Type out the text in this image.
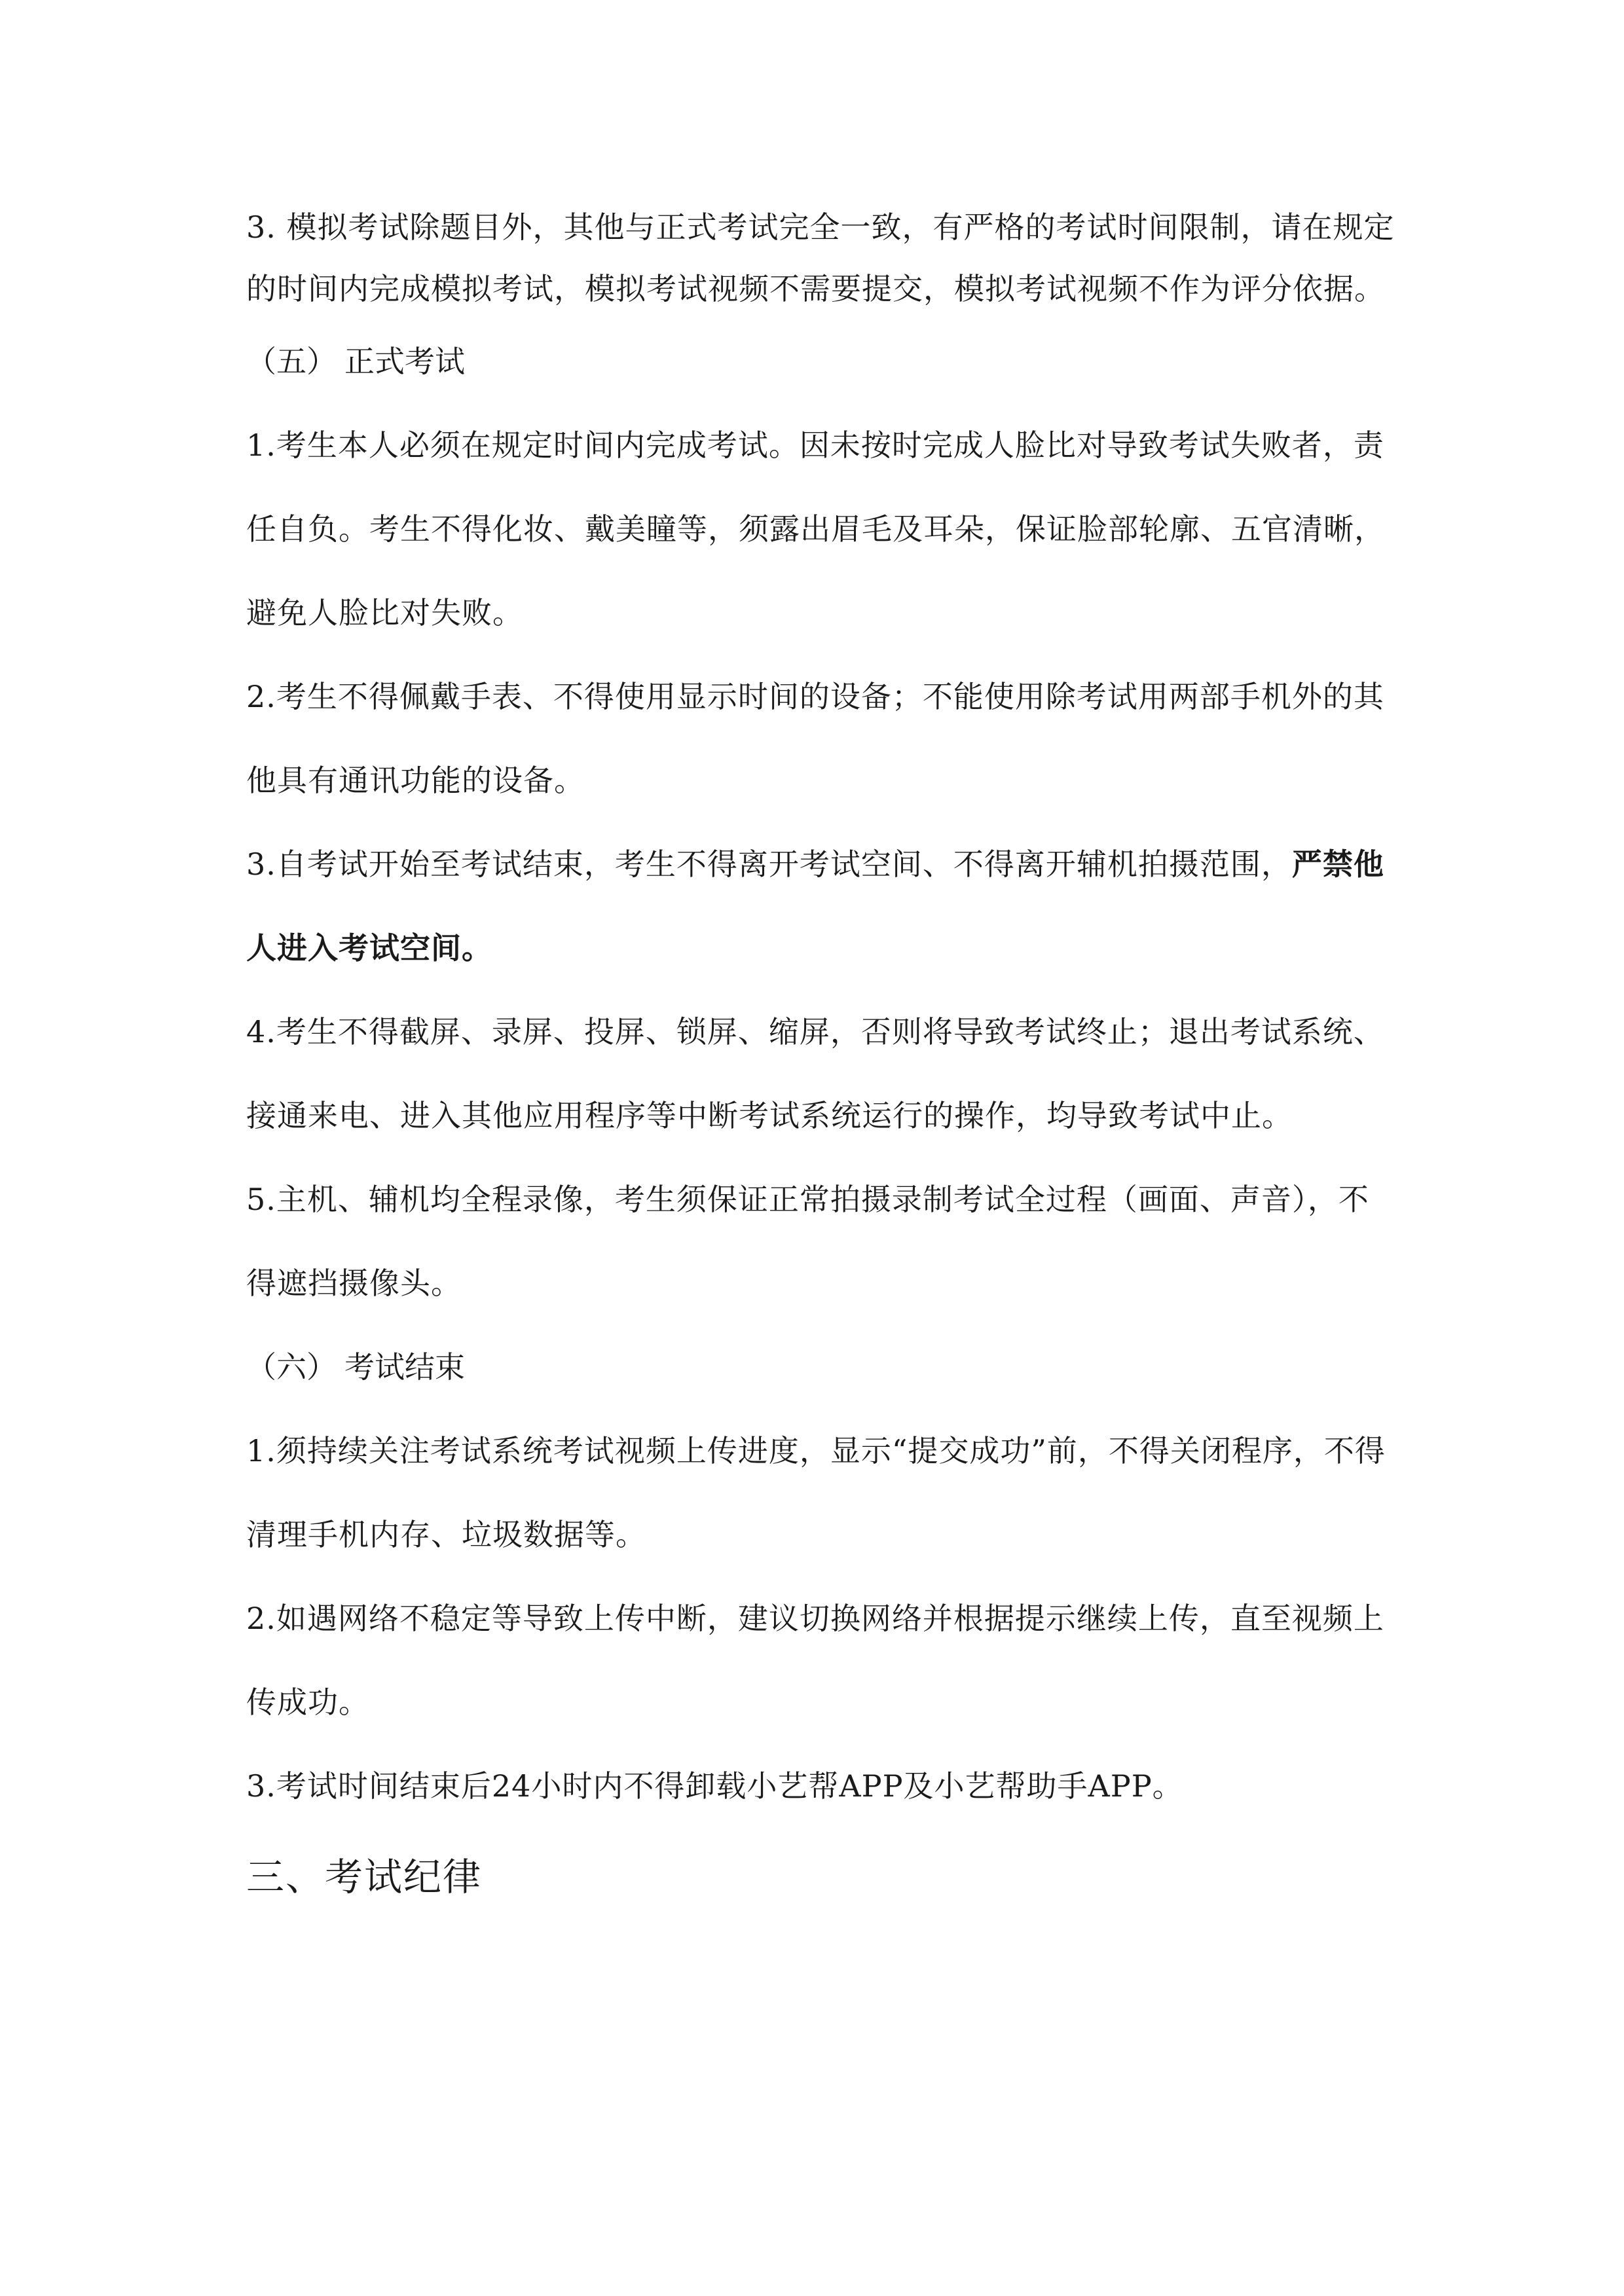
3. 模拟考试除题目外，其他与正式考试完全一致，有严格的考试时间限制，请在规定的时间内完成模拟考试，模拟考试视频不需要提交，模拟考试视频不作为评分依据。

（五） 正式考试

1.考生本人必须在规定时间内完成考试。因未按时完成人脸比对导致考试失败者，责任自负。考生不得化妆、戴美瞳等，须露出眉毛及耳朵，保证脸部轮廓、五官清晰，避免人脸比对失败。

2.考生不得佩戴手表、不得使用显示时间的设备；不能使用除考试用两部手机外的其他具有通讯功能的设备。

3.自考试开始至考试结束，考生不得离开考试空间、不得离开辅机拍摄范围，严禁他人进入考试空间。

4.考生不得截屏、录屏、投屏、锁屏、缩屏，否则将导致考试终止；退出考试系统、接通来电、进入其他应用程序等中断考试系统运行的操作，均导致考试中止。

5.主机、辅机均全程录像，考生须保证正常拍摄录制考试全过程（画面、声音），不得遮挡摄像头。

（六） 考试结束

1.须持续关注考试系统考试视频上传进度，显示“提交成功”前，不得关闭程序，不得清理手机内存、垃圾数据等。

2.如遇网络不稳定等导致上传中断，建议切换网络并根据提示继续上传，直至视频上传成功。

3.考试时间结束后24小时内不得卸载小艺帮APP及小艺帮助手APP。

三、考试纪律
